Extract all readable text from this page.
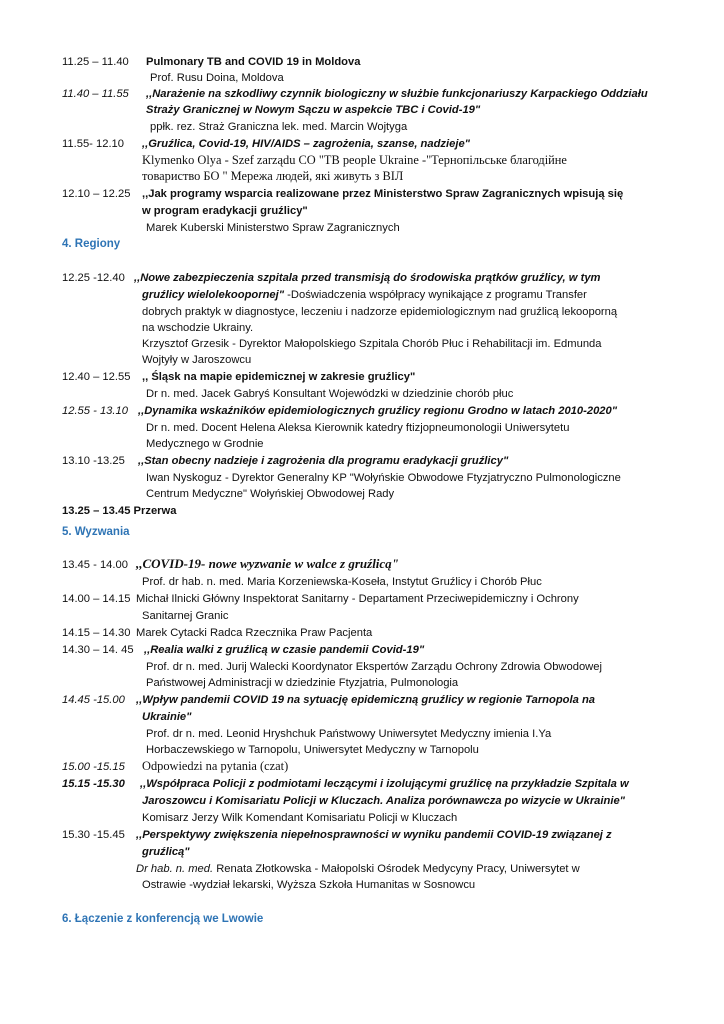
11.25 – 11.40 Pulmonary TB and COVID 19 in Moldova
Prof. Rusu Doina, Moldova
11.40 – 11.55 ,,Narażenie na szkodliwy czynnik biologiczny w służbie funkcjonariuszy Karpackiego Oddziału
Straży Granicznej w Nowym Sączu w aspekcie TBC i Covid-19"
ppłk. rez. Straż Graniczna lek. med. Marcin Wojtyga
11.55- 12.10 ,,Gruźlica, Covid-19, HIV/AIDS – zagrożenia, szanse, nadzieje"
Klymenko Olya - Szef zarządu CO "TB people Ukraine -"Тернопільське благодійне
товариство БО " Мережа людей, які живуть з ВІЛ
12.10 – 12.25 ,,Jak programy wsparcia realizowane przez Ministerstwo Spraw Zagranicznych wpisują się
w program eradykacji gruźlicy"
Marek Kuberski Ministerstwo Spraw Zagranicznych
4. Regiony
12.25 -12.40 ,,Nowe zabezpieczenia szpitala przed transmisją do środowiska prątków gruźlicy, w tym
gruźlicy wielolekoopornej" -Doświadczenia współpracy wynikające z programu Transfer
dobrych praktyk w diagnostyce, leczeniu i nadzorze epidemiologicznym nad gruźlicą lekooporną
na wschodzie Ukrainy.
Krzysztof Grzesik - Dyrektor Małopolskiego Szpitala Chorób Płuc i Rehabilitacji im. Edmunda
Wojtyły w Jaroszowcu
12.40 – 12.55 ,, Śląsk na mapie epidemicznej w zakresie gruźlicy"
Dr n. med. Jacek Gabryś Konsultant Wojewódzki w dziedzinie chorób płuc
12.55 - 13.10 ,,Dynamika wskaźników epidemiologicznych gruźlicy regionu Grodno w latach 2010-2020"
Dr n. med. Docent Helena Aleksa Kierownik katedry ftizjopneumonologii Uniwersytetu
Medycznego w Grodnie
13.10 -13.25 ,,Stan obecny nadzieje i zagrożenia dla programu eradykacji gruźlicy"
Iwan Nyskoguz - Dyrektor Generalny KP "Wołyńskie Obwodowe Ftyzjatryczno Pulmonologiczne
Centrum Medyczne" Wołyńskiej Obwodowej Rady
13.25 – 13.45 Przerwa
5. Wyzwania
13.45 - 14.00 ,,COVID-19- nowe wyzwanie w walce z gruźlicą"
Prof. dr hab. n. med. Maria Korzeniewska-Koseła, Instytut Gruźlicy i Chorób Płuc
14.00 – 14.15 Michał Ilnicki Główny Inspektorat Sanitarny - Departament Przeciwepidemiczny i Ochrony
Sanitarnej Granic
14.15 – 14.30 Marek Cytacki Radca Rzecznika Praw Pacjenta
14.30 – 14. 45 ,,Realia walki z gruźlicą w czasie pandemii Covid-19"
Prof. dr n. med. Jurij Walecki Koordynator Ekspertów Zarządu Ochrony Zdrowia Obwodowej
Państwowej Administracji w dziedzinie Ftyzjatria, Pulmonologia
14.45 -15.00 ,,Wpływ pandemii COVID 19 na sytuację epidemiczną gruźlicy w regionie Tarnopola na
Ukrainie"
Prof. dr n. med. Leonid Hryshchuk Państwowy Uniwersytet Medyczny imienia I.Ya
Horbaczewskiego w Tarnopolu, Uniwersytet Medyczny w Tarnopolu
15.00 -15.15 Odpowiedzi na pytania (czat)
15.15 -15.30 ,,Współpraca Policji z podmiotami leczącymi i izolującymi gruźlicę na przykładzie Szpitala w
Jaroszowcu i Komisariatu Policji w Kluczach. Analiza porównawcza po wizycie w Ukrainie"
Komisarz Jerzy Wilk Komendant Komisariatu Policji w Kluczach
15.30 -15.45 ,,Perspektywy zwiększenia niepełnosprawności w wyniku pandemii COVID-19 związanej z
gruźlicą"
Dr hab. n. med. Renata Złotkowska - Małopolski Ośrodek Medycyny Pracy, Uniwersytet w
Ostrawie -wydział lekarski, Wyższa Szkoła Humanitas w Sosnowcu
6. Łączenie z konferencją we Lwowie
